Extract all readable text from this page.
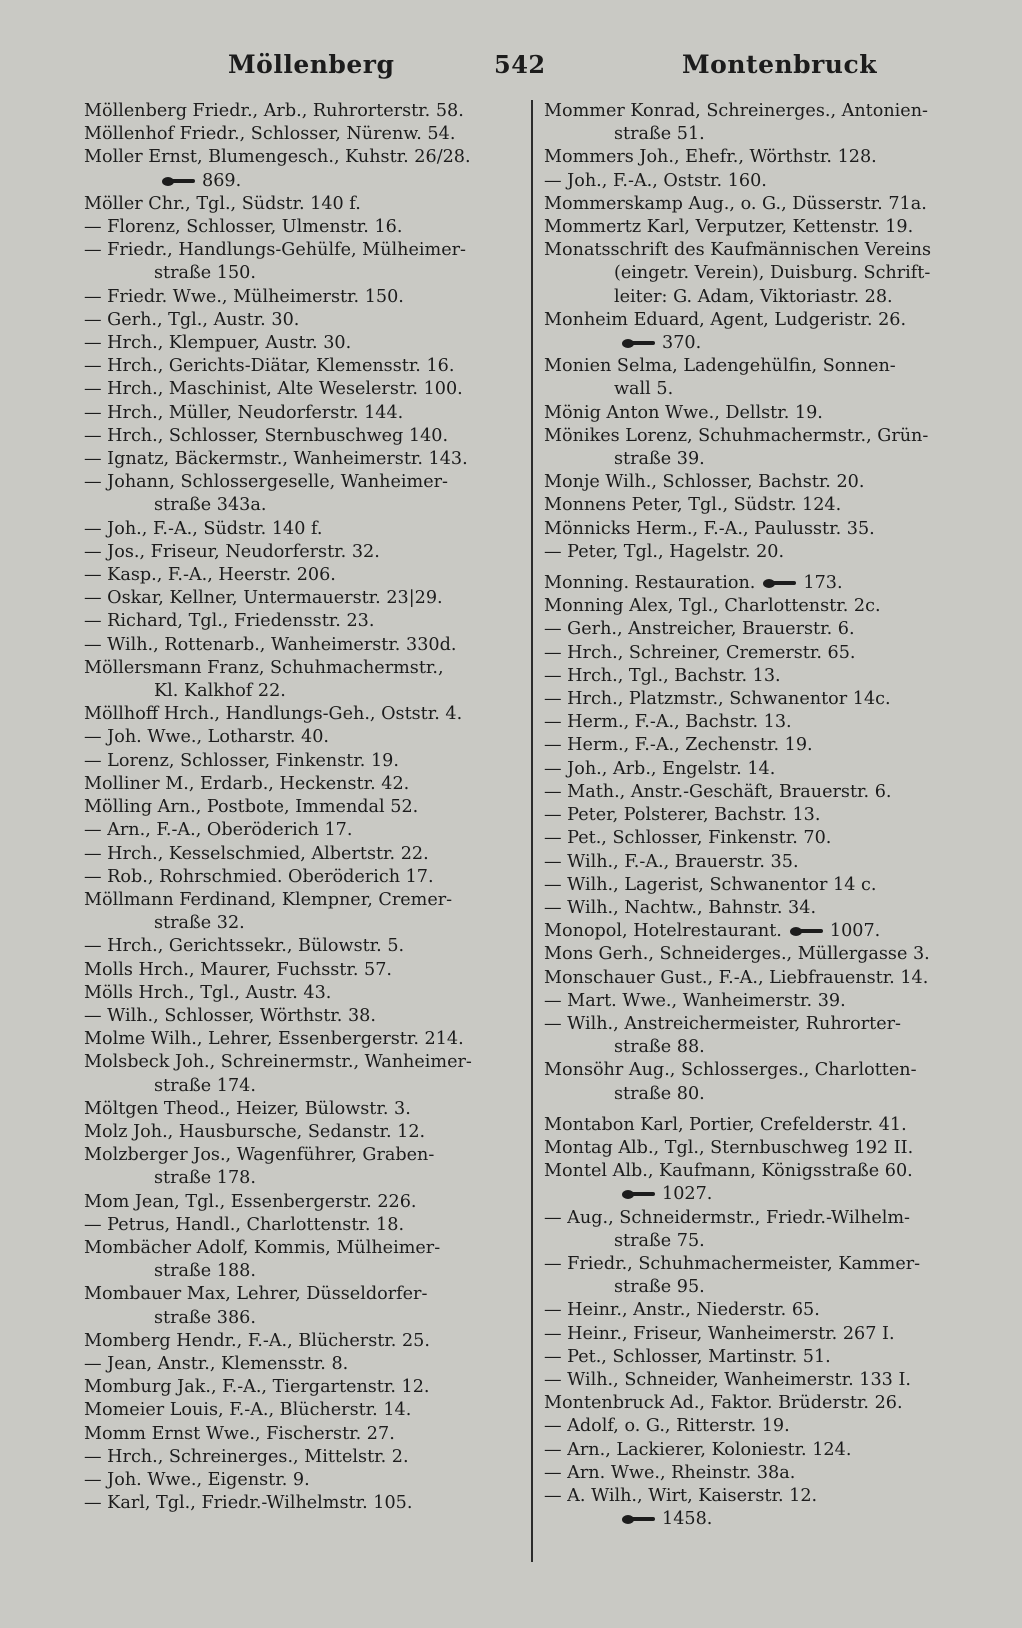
Möllenberg	542	Montenbruck
Möllenberg Friedr., Arb., Ruhrorterstr. 58.
Möllenhof Friedr., Schlosser, Nürenw. 54.
Moller Ernst, Blumengesch., Kuhstr. 26/28.
869.
Möller Chr., Tgl., Südstr. 140 f.
— Florenz, Schlosser, Ulmenstr. 16.
— Friedr., Handlungs-Gehülfe, Mülheimer-
straße 150.
— Friedr. Wwe., Mülheimerstr. 150.
— Gerh., Tgl., Austr. 30.
— Hrch., Klempuer, Austr. 30.
— Hrch., Gerichts-Diätar, Klemensstr. 16.
— Hrch., Maschinist, Alte Weselerstr. 100.
— Hrch., Müller, Neudorferstr. 144.
— Hrch., Schlosser, Sternbuschweg 140.
— Ignatz, Bäckermstr., Wanheimerstr. 143.
— Johann, Schlossergeselle, Wanheimer-
straße 343a.
— Joh., F.-A., Südstr. 140 f.
— Jos., Friseur, Neudorferstr. 32.
— Kasp., F.-A., Heerstr. 206.
— Oskar, Kellner, Untermauerstr. 23|29.
— Richard, Tgl., Friedensstr. 23.
— Wilh., Rottenarb., Wanheimerstr. 330d.
Möllersmann Franz, Schuhmachermstr.,
Kl. Kalkhof 22.
Möllhoff Hrch., Handlungs-Geh., Oststr. 4.
— Joh. Wwe., Lotharstr. 40.
— Lorenz, Schlosser, Finkenstr. 19.
Molliner M., Erdarb., Heckenstr. 42.
Mölling Arn., Postbote, Immendal 52.
— Arn., F.-A., Oberöderich 17.
— Hrch., Kesselschmied, Albertstr. 22.
— Rob., Rohrschmied. Oberöderich 17.
Möllmann Ferdinand, Klempner, Cremer-
straße 32.
— Hrch., Gerichtssekr., Bülowstr. 5.
Molls Hrch., Maurer, Fuchsstr. 57.
Mölls Hrch., Tgl., Austr. 43.
— Wilh., Schlosser, Wörthstr. 38.
Molme Wilh., Lehrer, Essenbergerstr. 214.
Molsbeck Joh., Schreinermstr., Wanheimer-
straße 174.
Möltgen Theod., Heizer, Bülowstr. 3.
Molz Joh., Hausbursche, Sedanstr. 12.
Molzberger Jos., Wagenführer, Graben-
straße 178.
Mom Jean, Tgl., Essenbergerstr. 226.
— Petrus, Handl., Charlottenstr. 18.
Mombächer Adolf, Kommis, Mülheimer-
straße 188.
Mombauer Max, Lehrer, Düsseldorfer-
straße 386.
Momberg Hendr., F.-A., Blücherstr. 25.
— Jean, Anstr., Klemensstr. 8.
Momburg Jak., F.-A., Tiergartenstr. 12.
Momeier Louis, F.-A., Blücherstr. 14.
Momm Ernst Wwe., Fischerstr. 27.
— Hrch., Schreinerges., Mittelstr. 2.
— Joh. Wwe., Eigenstr. 9.
— Karl, Tgl., Friedr.-Wilhelmstr. 105.
Mommer Konrad, Schreinerges., Antonien-
straße 51.
Mommers Joh., Ehefr., Wörthstr. 128.
— Joh., F.-A., Oststr. 160.
Mommerskamp Aug., o. G., Düsserstr. 71a.
Mommertz Karl, Verputzer, Kettenstr. 19.
Monatsschrift des Kaufmännischen Vereins
(eingetr. Verein), Duisburg. Schrift-
leiter: G. Adam, Viktoriastr. 28.
Monheim Eduard, Agent, Ludgeristr. 26.
370.
Monien Selma, Ladengehülfin, Sonnen-
wall 5.
Mönig Anton Wwe., Dellstr. 19.
Mönikes Lorenz, Schuhmachermstr., Grün-
straße 39.
Monje Wilh., Schlosser, Bachstr. 20.
Monnens Peter, Tgl., Südstr. 124.
Mönnicks Herm., F.-A., Paulusstr. 35.
— Peter, Tgl., Hagelstr. 20.
Monning. Restauration.	173.
Monning Alex, Tgl., Charlottenstr. 2c.
— Gerh., Anstreicher, Brauerstr. 6.
— Hrch., Schreiner, Cremerstr. 65.
— Hrch., Tgl., Bachstr. 13.
— Hrch., Platzmstr., Schwanentor 14c.
— Herm., F.-A., Bachstr. 13.
— Herm., F.-A., Zechenstr. 19.
— Joh., Arb., Engelstr. 14.
— Math., Anstr.-Geschäft, Brauerstr. 6.
— Peter, Polsterer, Bachstr. 13.
— Pet., Schlosser, Finkenstr. 70.
— Wilh., F.-A., Brauerstr. 35.
— Wilh., Lagerist, Schwanentor 14 c.
— Wilh., Nachtw., Bahnstr. 34.
Monopol, Hotelrestaurant.	1007.
Mons Gerh., Schneiderges., Müllergasse 3.
Monschauer Gust., F.-A., Liebfrauenstr. 14.
— Mart. Wwe., Wanheimerstr. 39.
— Wilh., Anstreichermeister, Ruhrorter-
straße 88.
Monsöhr Aug., Schlosserges., Charlotten-
straße 80.
Montabon Karl, Portier, Crefelderstr. 41.
Montag Alb., Tgl., Sternbuschweg 192 II.
Montel Alb., Kaufmann, Königsstraße 60.
1027.
— Aug., Schneidermstr., Friedr.-Wilhelm-
straße 75.
— Friedr., Schuhmachermeister, Kammer-
straße 95.
— Heinr., Anstr., Niederstr. 65.
— Heinr., Friseur, Wanheimerstr. 267 I.
— Pet., Schlosser, Martinstr. 51.
— Wilh., Schneider, Wanheimerstr. 133 I.
Montenbruck Ad., Faktor. Brüderstr. 26.
— Adolf, o. G., Ritterstr. 19.
— Arn., Lackierer, Koloniestr. 124.
— Arn. Wwe., Rheinstr. 38a.
— A. Wilh., Wirt, Kaiserstr. 12.
1458.
